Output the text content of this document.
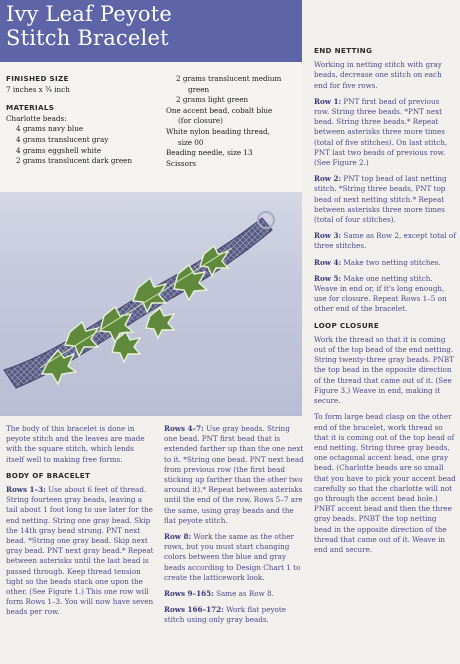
Ivy Leaf Peyote
Stitch Bracelet
FINISHED SIZE
7 inches x ¾ inch
MATERIALS
Charlotte beads:
4 grams navy blue
4 grams translucent gray
4 grams eggshell white
2 grams translucent dark green
2 grams translucent medium
green
2 grams light green
One accent bead, cobalt blue
(for closure)
White nylon beading thread,
size 00
Beading needle, size 13
Scissors
END NETTING

Working in netting stitch with gray beads, decrease one stitch on each end for five rows.

Row 1: PNT first bead of previous row. String three beads. *PNT next bead. String three beads.* Repeat between asterisks three more times (total of five stitches). On last stitch, PNT last two beads of previous row. (See Figure 2.)

Row 2: PNT top bead of last netting stitch. *String three beads, PNT top bead of next netting stitch.* Repeat between asterisks three more times (total of four stitches).

Row 3: Same as Row 2, except total of three stitches.

Row 4: Make two netting stitches.

Row 5: Make one netting stitch. Weave in end or, if it's long enough, use for closure. Repeat Rows 1–5 on other end of the bracelet.

LOOP CLOSURE

Work the thread so that it is coming out of the top bead of the end netting. String twenty-three gray beads. PNBT the top bead in the opposite direction of the thread that came out of it. (See Figure 3.) Weave in end, making it secure.

To form large bead clasp on the other end of the bracelet, work thread so that it is coming out of the top bead of end netting. String three gray beads, one octagonal accent bead, one gray bead. (Charlotte beads are so small that you have to pick your accent bead carefully so that the charlotte will not go through the accent bead hole.) PNBT accent bead and then the three gray beads. PNBT the top netting bead in the opposite direction of the thread that came out of it. Weave in end and secure.

The body of this bracelet is done in peyote stitch and the leaves are made with the square stitch, which lends itself well to making free forms.

BODY OF BRACELET

Rows 1–3: Use about 6 feet of thread. String fourteen gray beads, leaving a tail about 1 foot long to use later for the end netting. String one gray bead. Skip the 14th gray bead strung. PNT next bead. *String one gray bead. Skip next gray bead. PNT next gray bead.* Repeat between asterisks until the last bead is passed through. Keep thread tension tight so the beads stack one upon the other. (See Figure 1.) This one row will form Rows 1–3. You will now have seven beads per row.

Rows 4–7: Use gray beads. String one bead. PNT first bead that is extended farther up than the one next to it. *String one bead. PNT next bead from previous row (the first bead sticking up farther than the other two around it).* Repeat between asterisks until the end of the row. Rows 5–7 are the same, using gray beads and the flat peyote stitch.

Row 8: Work the same as the other rows, but you must start changing colors between the blue and gray beads according to Design Chart 1 to create the latticework look.

Rows 9–165: Same as Row 8.

Rows 166–172: Work flat peyote stitch using only gray beads.
